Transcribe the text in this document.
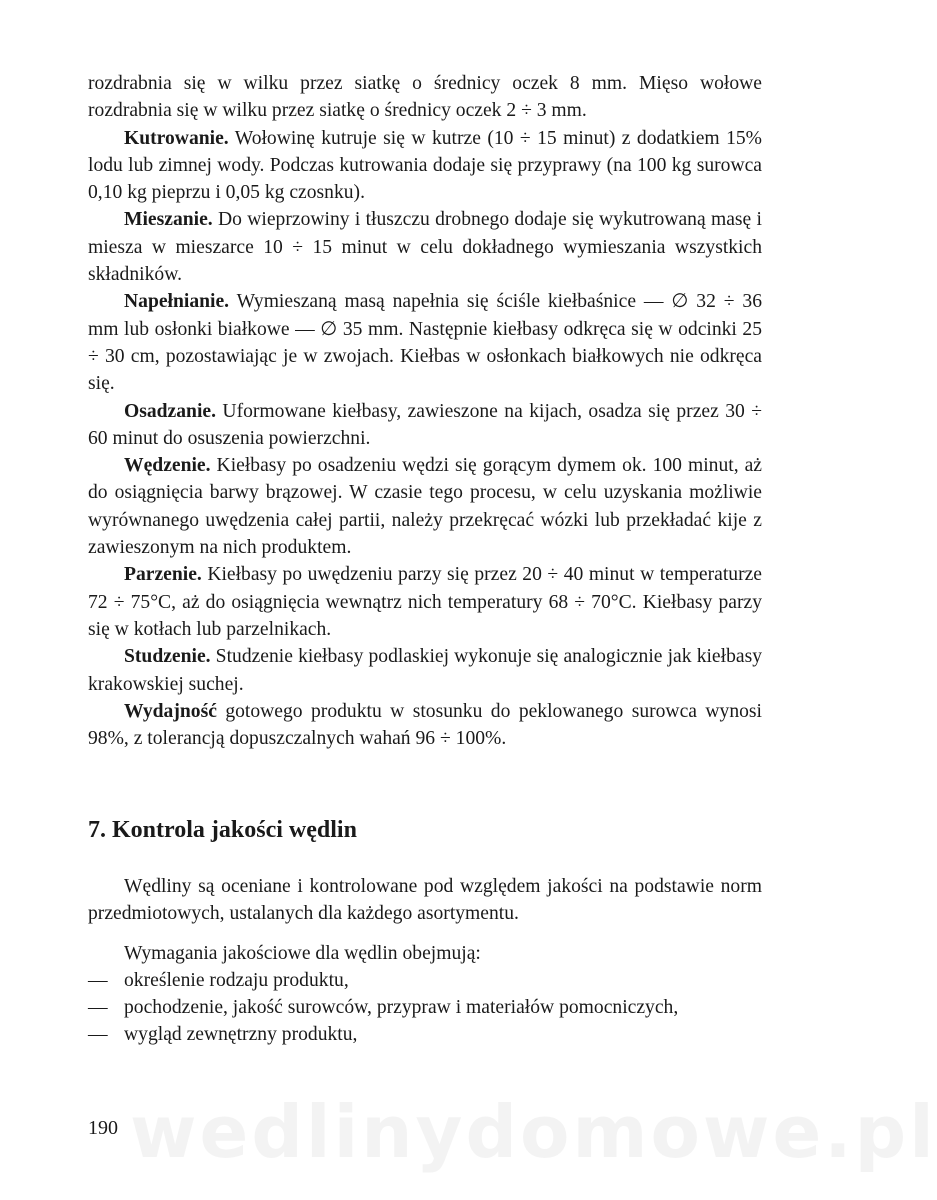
rozdrabnia się w wilku przez siatkę o średnicy oczek 8 mm. Mięso wołowe rozdrabnia się w wilku przez siatkę o średnicy oczek 2 ÷ 3 mm.

Kutrowanie. Wołowinę kutruje się w kutrze (10 ÷ 15 minut) z dodatkiem 15% lodu lub zimnej wody. Podczas kutrowania dodaje się przyprawy (na 100 kg surowca 0,10 kg pieprzu i 0,05 kg czosnku).

Mieszanie. Do wieprzowiny i tłuszczu drobnego dodaje się wykutrowaną masę i miesza w mieszarce 10 ÷ 15 minut w celu dokładnego wymieszania wszystkich składników.

Napełnianie. Wymieszaną masą napełnia się ściśle kiełbaśnice — ∅ 32 ÷ 36 mm lub osłonki białkowe — ∅ 35 mm. Następnie kiełbasy odkręca się w odcinki 25 ÷ 30 cm, pozostawiając je w zwojach. Kiełbas w osłonkach białkowych nie odkręca się.

Osadzanie. Uformowane kiełbasy, zawieszone na kijach, osadza się przez 30 ÷ 60 minut do osuszenia powierzchni.

Wędzenie. Kiełbasy po osadzeniu wędzi się gorącym dymem ok. 100 minut, aż do osiągnięcia barwy brązowej. W czasie tego procesu, w celu uzyskania możliwie wyrównanego uwędzenia całej partii, należy przekręcać wózki lub przekładać kije z zawieszonym na nich produktem.

Parzenie. Kiełbasy po uwędzeniu parzy się przez 20 ÷ 40 minut w temperaturze 72 ÷ 75°C, aż do osiągnięcia wewnątrz nich temperatury 68 ÷ 70°C. Kiełbasy parzy się w kotłach lub parzelnikach.

Studzenie. Studzenie kiełbasy podlaskiej wykonuje się analogicznie jak kiełbasy krakowskiej suchej.

Wydajność gotowego produktu w stosunku do peklowanego surowca wynosi 98%, z tolerancją dopuszczalnych wahań 96 ÷ 100%.

7. Kontrola jakości wędlin

Wędliny są oceniane i kontrolowane pod względem jakości na podstawie norm przedmiotowych, ustalanych dla każdego asortymentu.

Wymagania jakościowe dla wędlin obejmują:

— określenie rodzaju produktu,
— pochodzenie, jakość surowców, przypraw i materiałów pomocniczych,
— wygląd zewnętrzny produktu,
wedlinydomowe.pl
190
